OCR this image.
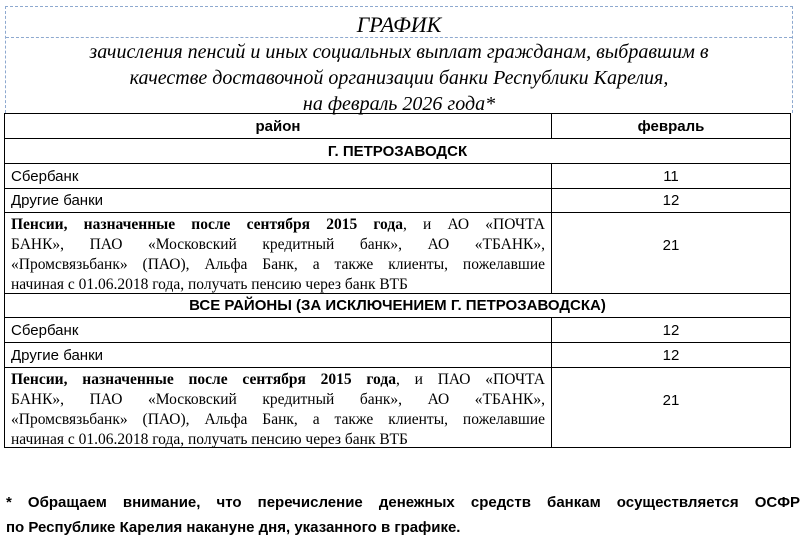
ГРАФИК
зачисления пенсий и иных социальных выплат гражданам, выбравшим в
качестве доставочной организации банки Республики Карелия,
на февраль 2026 года*
район	февраль
Г. ПЕТРОЗАВОДСК
Сбербанк	11
Другие банки	12
Пенсии, назначенные после сентября 2015 года, и АО «ПОЧТА
БАНК», ПАО «Московский кредитный банк», АО «ТБАНК»,
«Промсвязьбанк» (ПАО), Альфа Банк, а также клиенты, пожелавшие
начиная с 01.06.2018 года, получать пенсию через банк ВТБ
21
ВСЕ РАЙОНЫ (ЗА ИСКЛЮЧЕНИЕМ Г. ПЕТРОЗАВОДСКА)
Сбербанк	12
Другие банки	12
Пенсии, назначенные после сентября 2015 года, и ПАО «ПОЧТА
БАНК», ПАО «Московский кредитный банк», АО «ТБАНК»,
«Промсвязьбанк» (ПАО), Альфа Банк, а также клиенты, пожелавшие
начиная с 01.06.2018 года, получать пенсию через банк ВТБ
21
* Обращаем внимание, что перечисление денежных средств банкам осуществляется ОСФР
по Республике Карелия накануне дня, указанного в графике.
